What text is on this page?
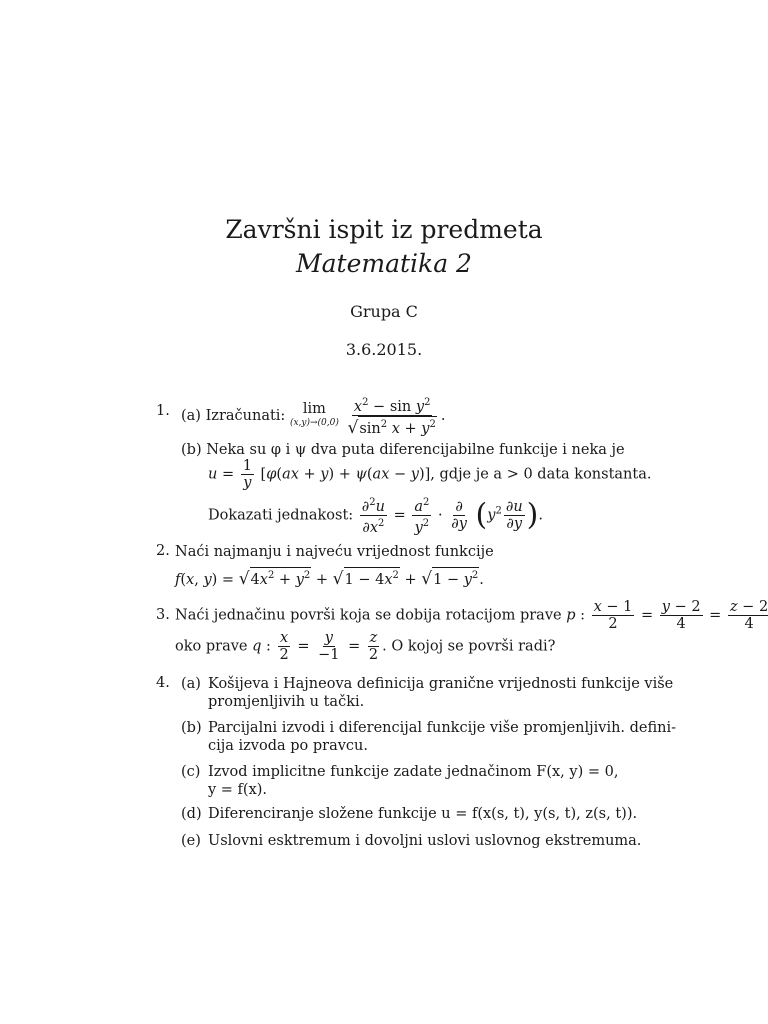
Završni ispit iz predmeta
Matematika 2
Grupa C
3.6.2015.
1. (a) Izračunati: lim
(x,y)→(0,0)
$\frac{x^2 - \sin y^2}{√\sin^2 x + y^2}$ .
(b) Neka su φ i ψ dva puta diferencijabilne funkcije i neka je
$u = \frac{1}{y} [\varphi(ax + y) + \psi(ax - y)]$, gdje je a > 0 data konstanta.
Dokazati jednakost: $\frac{\partial^2u}{\partial x^2} = \frac{a^2}{y^2} \cdot \frac{\partial}{\partial y} (y^2 \frac{\partial u}{\partial y}$ ).
2. Naći najmanju i najveću vrijednost funkcije
f(x, $y) = √4x^2 + y^2 + √1 - 4x^2 + √1 - y^2$.
3. Naći jednačinu površi koja se dobija rotacijom prave p : $\frac{x - 1}{2} = \frac{y - 2}{4} = \frac{z - 2}{4}$
oko prave q : $\frac{x}{2} = \frac{y}{-1} = \frac{z}{2}$ . O kojoj se površi radi?
4. (a) Košijeva i Hajneova definicija granične vrijednosti funkcije više
promjenljivih u tački.
(b) Parcijalni izvodi i diferencijal funkcije više promjenljivih. defini-
cija izvoda po pravcu.
(c) Izvod implicitne funkcije zadate jednačinom F(x, y) = 0,
y = f(x).
(d) Diferenciranje složene funkcije u = f(x(s, t), y(s, t), z(s, t)).
(e) Uslovni esktremum i dovoljni uslovi uslovnog ekstremuma.
